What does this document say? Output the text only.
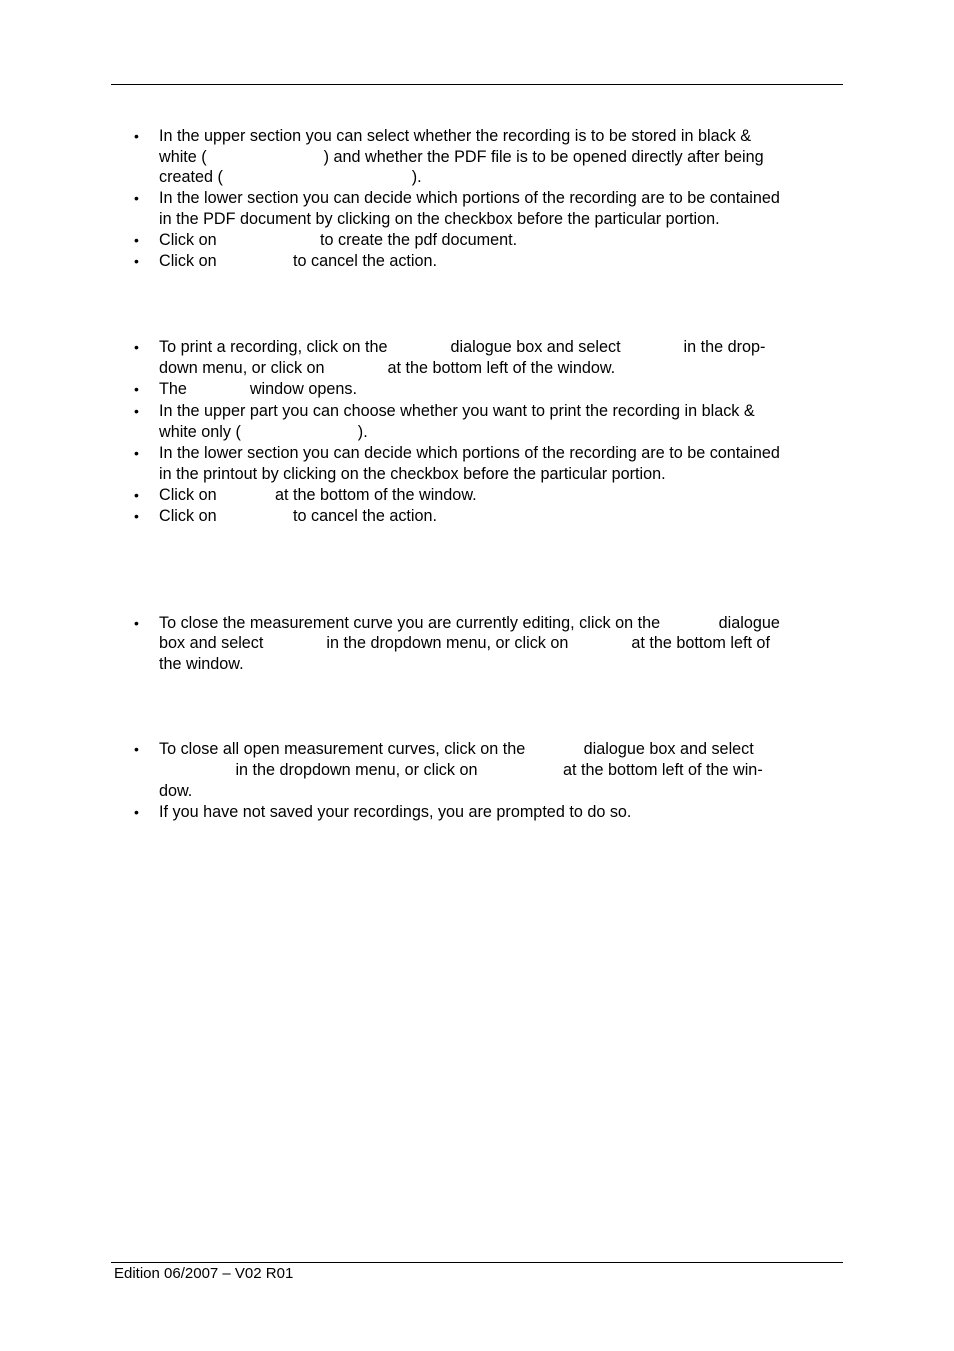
•	In the upper section you can select whether the recording is to be stored in black &
white (                          ) and whether the PDF file is to be opened directly after being
created (                                          ).
•	In the lower section you can decide which portions of the recording are to be contained
in the PDF document by clicking on the checkbox before the particular portion.
•	Click on                       to create the pdf document.
•	Click on                 to cancel the action.
•	To print a recording, click on the              dialogue box and select              in the drop-
down menu, or click on              at the bottom left of the window.
•	The              window opens.
•	In the upper part you can choose whether you want to print the recording in black &
white only (                          ).
•	In the lower section you can decide which portions of the recording are to be contained
in the printout by clicking on the checkbox before the particular portion.
•	Click on             at the bottom of the window.
•	Click on                 to cancel the action.
•	To close the measurement curve you are currently editing, click on the             dialogue
box and select              in the dropdown menu, or click on              at the bottom left of
the window.
•	To close all open measurement curves, click on the             dialogue box and select
in the dropdown menu, or click on                   at the bottom left of the win-
dow.
•	If you have not saved your recordings, you are prompted to do so.
Edition 06/2007 – V02 R01
